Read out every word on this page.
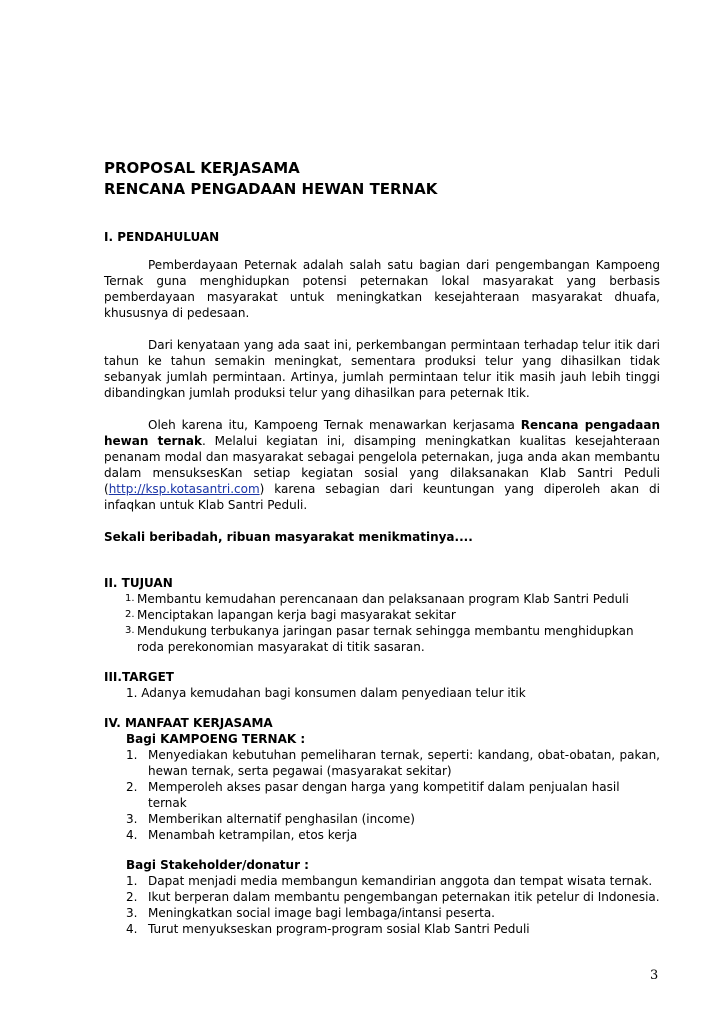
PROPOSAL KERJASAMA
RENCANA PENGADAAN HEWAN TERNAK
I. PENDAHULUAN

Pemberdayaan Peternak adalah salah satu bagian dari pengembangan Kampoeng Ternak guna menghidupkan potensi peternakan lokal masyarakat yang berbasis pemberdayaan masyarakat untuk meningkatkan kesejahteraan masyarakat dhuafa, khususnya di pedesaan.

Dari kenyataan yang ada saat ini, perkembangan permintaan terhadap telur itik dari tahun ke tahun semakin meningkat, sementara produksi telur yang dihasilkan tidak sebanyak jumlah permintaan. Artinya, jumlah permintaan telur itik masih jauh lebih tinggi dibandingkan jumlah produksi telur yang dihasilkan para peternak Itik.

Oleh karena itu, Kampoeng Ternak menawarkan kerjasama Rencana pengadaan hewan ternak. Melalui kegiatan ini, disamping meningkatkan kualitas kesejahteraan penanam modal dan masyarakat sebagai pengelola peternakan, juga anda akan membantu dalam mensuksesKan setiap kegiatan sosial yang dilaksanakan Klab Santri Peduli (http://ksp.kotasantri.com) karena sebagian dari keuntungan yang diperoleh akan di infaqkan untuk Klab Santri Peduli.

Sekali beribadah, ribuan masyarakat menikmatinya....
II. TUJUAN
1. Membantu kemudahan perencanaan dan pelaksanaan program Klab Santri Peduli
2. Menciptakan lapangan kerja bagi masyarakat sekitar
3. Mendukung terbukanya jaringan pasar ternak sehingga membantu menghidupkan roda perekonomian masyarakat di titik sasaran.
III.TARGET
1. Adanya kemudahan bagi konsumen dalam penyediaan telur itik
IV. MANFAAT KERJASAMA
Bagi KAMPOENG TERNAK :
1. Menyediakan kebutuhan pemeliharan ternak, seperti: kandang, obat-obatan, pakan, hewan ternak, serta pegawai (masyarakat sekitar)
2. Memperoleh akses pasar dengan harga yang kompetitif dalam penjualan hasil ternak
3. Memberikan alternatif penghasilan (income)
4. Menambah ketrampilan, etos kerja
Bagi Stakeholder/donatur :
1. Dapat menjadi media membangun kemandirian anggota dan tempat wisata ternak.
2. Ikut berperan dalam membantu pengembangan peternakan itik petelur di Indonesia.
3. Meningkatkan social image bagi lembaga/intansi peserta.
4. Turut menyukseskan program-program sosial Klab Santri Peduli
3
